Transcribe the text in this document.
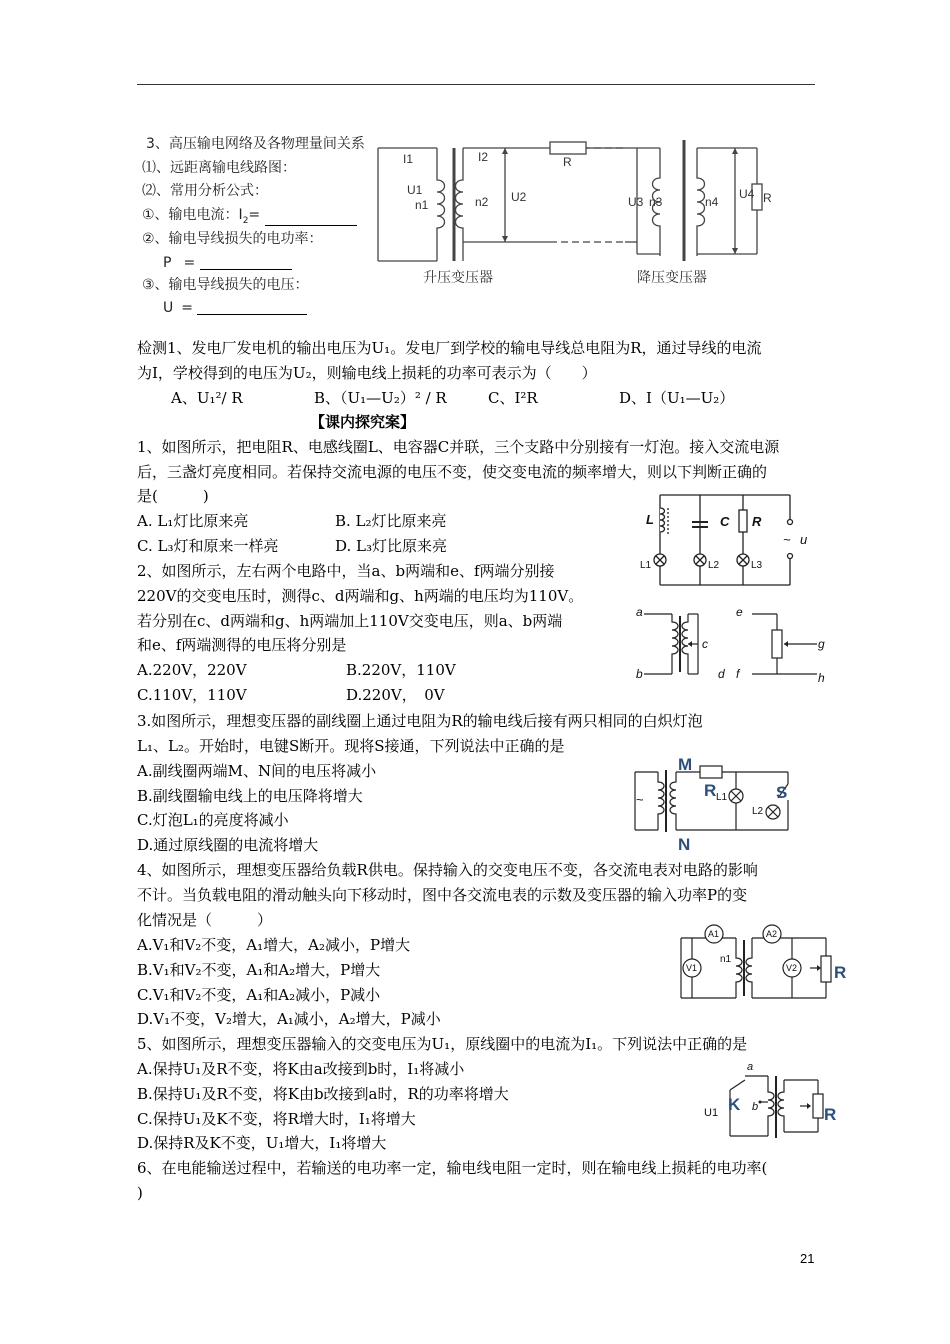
3、高压输电网络及各物理量间关系
⑴、远距离输电线路图：
⑵、常用分析公式：
①、输电电流：$I_2=$
②、输电导线损失的电功率：
P =
③、输电导线损失的电压：
U =
I1	I2
U1
n1	n2 U2
R
U3 n3	n4
U4 R
升压变压器	降压变压器
检测1、发电厂发电机的输出电压为U₁。发电厂到学校的输电导线总电阻为R，通过导线的电流
为I，学校得到的电压为U₂，则输电线上损耗的功率可表示为（　　）
A、U₁²/ R	B、（U₁—U₂）² / R	C、I²R	D、I（U₁—U₂）
【课内探究案】
1、如图所示，把电阻R、电感线圈L、电容器C并联，三个支路中分别接有一灯泡。接入交流电源
后，三盏灯亮度相同。若保持交流电源的电压不变，使交变电流的频率增大，则以下判断正确的
是(　　　)
A. L₁灯比原来亮	B. L₂灯比原来亮
C. L₃灯和原来一样亮	D. L₃灯比原来亮
L	C R
u
~
L1	L2	L3
2、如图所示，左右两个电路中，当a、b两端和e、f两端分别接
220V的交变电压时，测得c、d两端和g、h两端的电压均为110V。
若分别在c、d两端和g、h两端加上110V交变电压，则a、b两端
和e、f两端测得的电压将分别是
A.220V，220V	B.220V，110V
C.110V，110V	D.220V，　0V
a
b
c
d
e
f
g
h
3.如图所示，理想变压器的副线圈上通过电阻为R的输电线后接有两只相同的白炽灯泡
L₁、L₂。开始时，电键S断开。现将S接通，下列说法中正确的是
A.副线圈两端M、N间的电压将减小
B.副线圈输电线上的电压降将增大
C.灯泡L₁的亮度将减小
D.通过原线圈的电流将增大
M
N
R	S
L1
L2
~
4、如图所示，理想变压器给负载R供电。保持输入的交变电压不变，各交流电表对电路的影响
不计。当负载电阻的滑动触头向下移动时，图中各交流电表的示数及变压器的输入功率P的变
化情况是（　　　）
A.V₁和V₂不变，A₁增大，A₂减小，P增大
B.V₁和V₂不变，A₁和A₂增大，P增大
C.V₁和V₂不变，A₁和A₂减小，P减小
D.V₁不变，V₂增大，A₁减小，A₂增大，P减小
A1	A2
V1	V2
n1
R
5、如图所示，理想变压器输入的交变电压为U₁，原线圈中的电流为I₁。下列说法中正确的是
A.保持U₁及R不变，将K由a改接到b时，I₁将减小
B.保持U₁及R不变，将K由b改接到a时，R的功率将增大
C.保持U₁及K不变，将R增大时，I₁将增大
D.保持R及K不变，U₁增大，I₁将增大
a
b
U1 K
R
6、在电能输送过程中，若输送的电功率一定，输电线电阻一定时，则在输电线上损耗的电功率(
)
21
